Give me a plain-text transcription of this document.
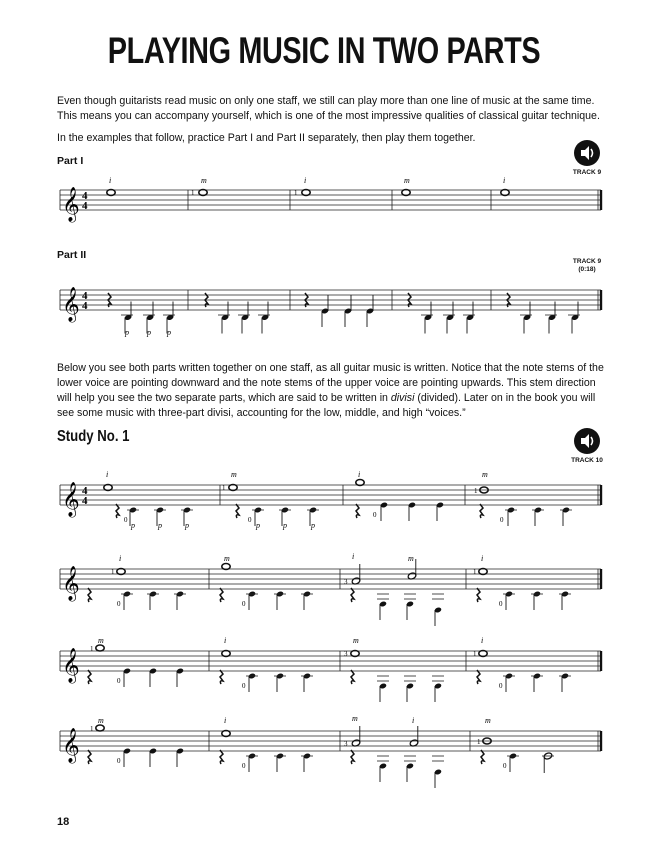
PLAYING MUSIC IN TWO PARTS

Even though guitarists read music on only one staff, we still can play more than one line of music at the same time. This means you can accompany yourself, which is one of the most impressive qualities of classical guitar technique.

In the examples that follow, practice Part I and Part II separately, then play them together.

Part I
Part II
TRACK 9
TRACK 9
(0:18)

Below you see both parts written together on one staff, as all guitar music is written. Notice that the note stems of the lower voice are pointing downward and the note stems of the upper voice are pointing upwards. This stem direction will help you see the two separate parts, which are said to be written in divisi (divided). Later on in the book you will see some music with three-part divisi, accounting for the low, middle, and high “voices.”

Study No. 1
TRACK 10
𝄞 4
4
i	m
1
i
1
m	i
𝄞 4
4
p p p
𝄞 4
4
i
0
p	p	p
m
1
0
p	p	p
i
0
m
1
0
𝄞
i
1
0
m
0
i	m
3
i
1
0
𝄞
m
1
0
i
0
m
3
i
1
0
𝄞
m
1
0
i
0
m	i
3
m
1
0
18
